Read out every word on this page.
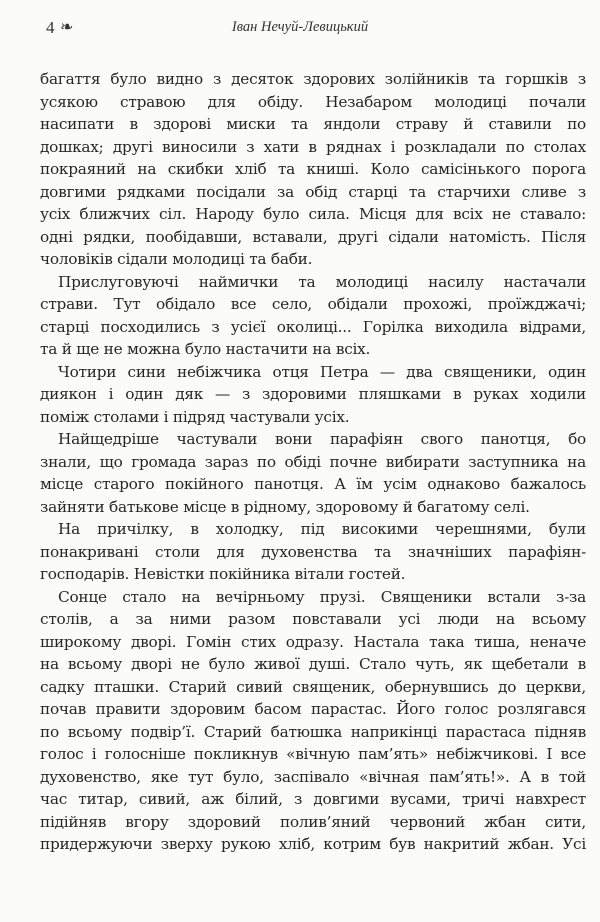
4 ❧	Іван Нечуй-Левицький
багаття було видно з десяток здорових золійників та горшків з
усякою стравою для обіду. Незабаром молодиці почали
насипати в здорові миски та яндоли страву й ставили по
дошках; другі виносили з хати в ряднах і розкладали по столах
покраяний на скибки хліб та книші. Коло самісінького порога
довгими рядками посідали за обід старці та старчихи сливе з
усіх ближчих сіл. Народу було сила. Місця для всіх не ставало:
одні рядки, пообідавши, вставали, другі сідали натомість. Після
чоловіків сідали молодиці та баби.
Прислуговуючі наймички та молодиці насилу настачали
страви. Тут обідало все село, обідали прохожі, проїжджачі;
старці посходились з усієї околиці... Горілка виходила відрами,
та й ще не можна було настачити на всіх.
Чотири сини небіжчика отця Петра — два священики, один
диякон і один дяк — з здоровими пляшками в руках ходили
поміж столами і підряд частували усіх.
Найщедріше частували вони парафіян свого панотця, бо
знали, що громада зараз по обіді почне вибирати заступника на
місце старого покійного панотця. А їм усім однаково бажалось
зайняти батькове місце в рідному, здоровому й багатому селі.
На причілку, в холодку, під високими черешнями, були
понакривані столи для духовенства та значніших парафіян-
господарів. Невістки покійника вітали гостей.
Сонце стало на вечірньому прузі. Священики встали з-за
столів, а за ними разом повставали усі люди на всьому
широкому дворі. Гомін стих одразу. Настала така тиша, неначе
на всьому дворі не було живої душі. Стало чуть, як щебетали в
садку пташки. Старий сивий священик, обернувшись до церкви,
почав правити здоровим басом парастас. Його голос розлягався
по всьому подвір’ї. Старий батюшка наприкінці парастаса підняв
голос і голосніше покликнув «вічную пам’ять» небіжчикові. І все
духовенство, яке тут було, заспівало «вічная пам’ять!». А в той
час титар, сивий, аж білий, з довгими вусами, тричі навхрест
підійняв вгору здоровий полив’яний червоний жбан сити,
придержуючи зверху рукою хліб, котрим був накритий жбан. Усі
